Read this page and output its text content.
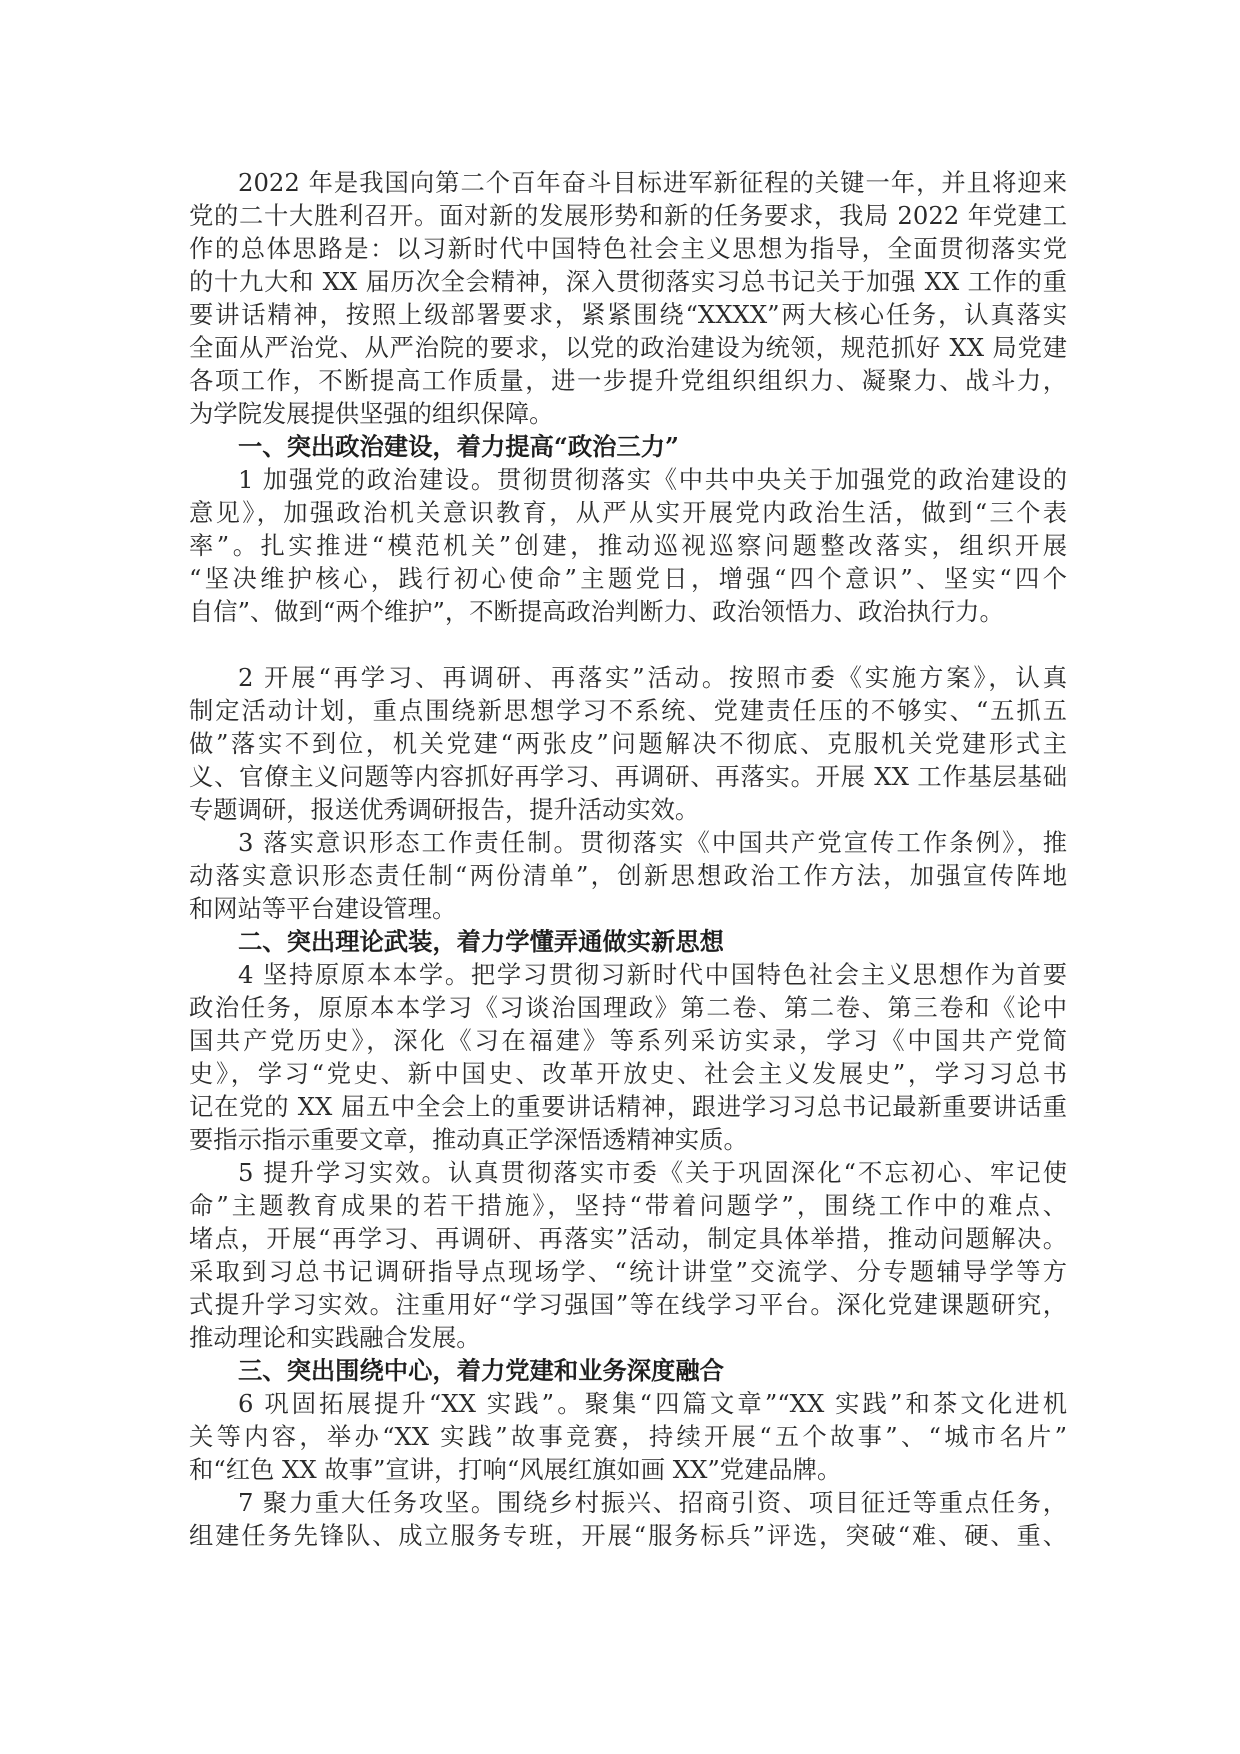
2022 年是我国向第二个百年奋斗目标进军新征程的关键一年，并且将迎来
党的二十大胜利召开。面对新的发展形势和新的任务要求，我局 2022 年党建工
作的总体思路是：以习新时代中国特色社会主义思想为指导，全面贯彻落实党
的十九大和 XX 届历次全会精神，深入贯彻落实习总书记关于加强 XX 工作的重
要讲话精神，按照上级部署要求，紧紧围绕“XXXX”两大核心任务，认真落实
全面从严治党、从严治院的要求，以党的政治建设为统领，规范抓好 XX 局党建
各项工作，不断提高工作质量，进一步提升党组织组织力、凝聚力、战斗力，
为学院发展提供坚强的组织保障。
一、突出政治建设，着力提高“政治三力”
1 加强党的政治建设。贯彻贯彻落实《中共中央关于加强党的政治建设的
意见》，加强政治机关意识教育，从严从实开展党内政治生活，做到“三个表
率”。扎实推进“模范机关”创建，推动巡视巡察问题整改落实，组织开展
“坚决维护核心，践行初心使命”主题党日，增强“四个意识”、坚实“四个
自信”、做到“两个维护”，不断提高政治判断力、政治领悟力、政治执行力。
2 开展“再学习、再调研、再落实”活动。按照市委《实施方案》，认真
制定活动计划，重点围绕新思想学习不系统、党建责任压的不够实、“五抓五
做”落实不到位，机关党建“两张皮”问题解决不彻底、克服机关党建形式主
义、官僚主义问题等内容抓好再学习、再调研、再落实。开展 XX 工作基层基础
专题调研，报送优秀调研报告，提升活动实效。
3 落实意识形态工作责任制。贯彻落实《中国共产党宣传工作条例》，推
动落实意识形态责任制“两份清单”，创新思想政治工作方法，加强宣传阵地
和网站等平台建设管理。
二、突出理论武装，着力学懂弄通做实新思想
4 坚持原原本本学。把学习贯彻习新时代中国特色社会主义思想作为首要
政治任务，原原本本学习《习谈治国理政》第二卷、第二卷、第三卷和《论中
国共产党历史》，深化《习在福建》等系列采访实录，学习《中国共产党简
史》，学习“党史、新中国史、改革开放史、社会主义发展史”，学习习总书
记在党的 XX 届五中全会上的重要讲话精神，跟进学习习总书记最新重要讲话重
要指示指示重要文章，推动真正学深悟透精神实质。
5 提升学习实效。认真贯彻落实市委《关于巩固深化“不忘初心、牢记使
命”主题教育成果的若干措施》，坚持“带着问题学”，围绕工作中的难点、
堵点，开展“再学习、再调研、再落实”活动，制定具体举措，推动问题解决。
采取到习总书记调研指导点现场学、“统计讲堂”交流学、分专题辅导学等方
式提升学习实效。注重用好“学习强国”等在线学习平台。深化党建课题研究，
推动理论和实践融合发展。
三、突出围绕中心，着力党建和业务深度融合
6 巩固拓展提升“XX 实践”。聚集“四篇文章”“XX 实践”和茶文化进机
关等内容，举办“XX 实践”故事竞赛，持续开展“五个故事”、“城市名片”
和“红色 XX 故事”宣讲，打响“风展红旗如画 XX”党建品牌。
7 聚力重大任务攻坚。围绕乡村振兴、招商引资、项目征迁等重点任务，
组建任务先锋队、成立服务专班，开展“服务标兵”评选，突破“难、硬、重、
